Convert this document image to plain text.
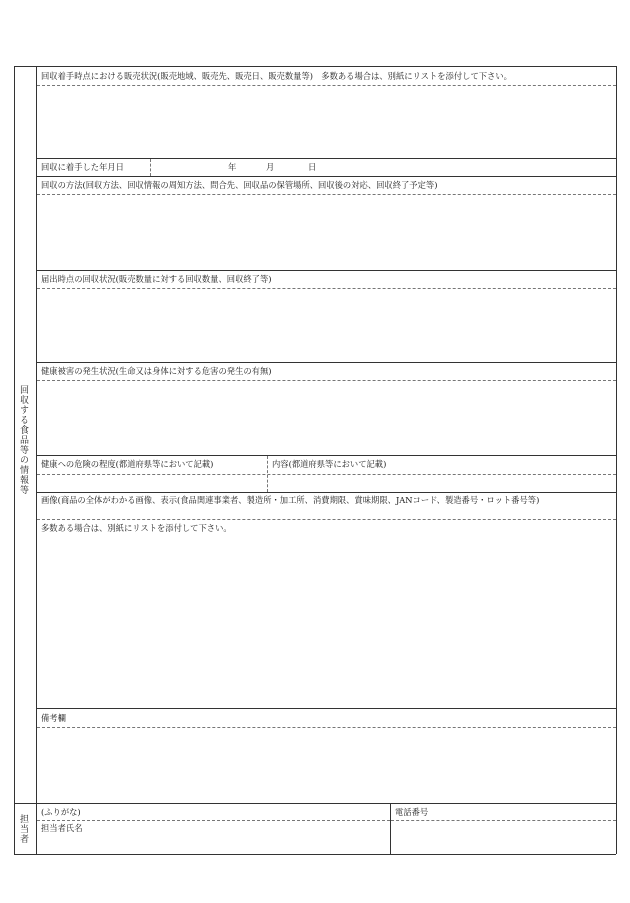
回収する食品等の情報等
回収着手時点における販売状況(販売地域、販売先、販売日、販売数量等)　多数ある場合は、別紙にリストを添付して下さい。
回収に着手した年月日	年	月	日
回収の方法(回収方法、回収情報の周知方法、問合先、回収品の保管場所、回収後の対応、回収終了予定等)
届出時点の回収状況(販売数量に対する回収数量、回収終了等)
健康被害の発生状況(生命又は身体に対する危害の発生の有無)
健康への危険の程度(都道府県等において記載)	内容(都道府県等において記載)
画像(商品の全体がわかる画像、表示(食品関連事業者、製造所・加工所、消費期限、賞味期限、JANコード、製造番号・ロット番号等)
多数ある場合は、別紙にリストを添付して下さい。
備考欄
担当者
(ふりがな)
担当者氏名
電話番号
